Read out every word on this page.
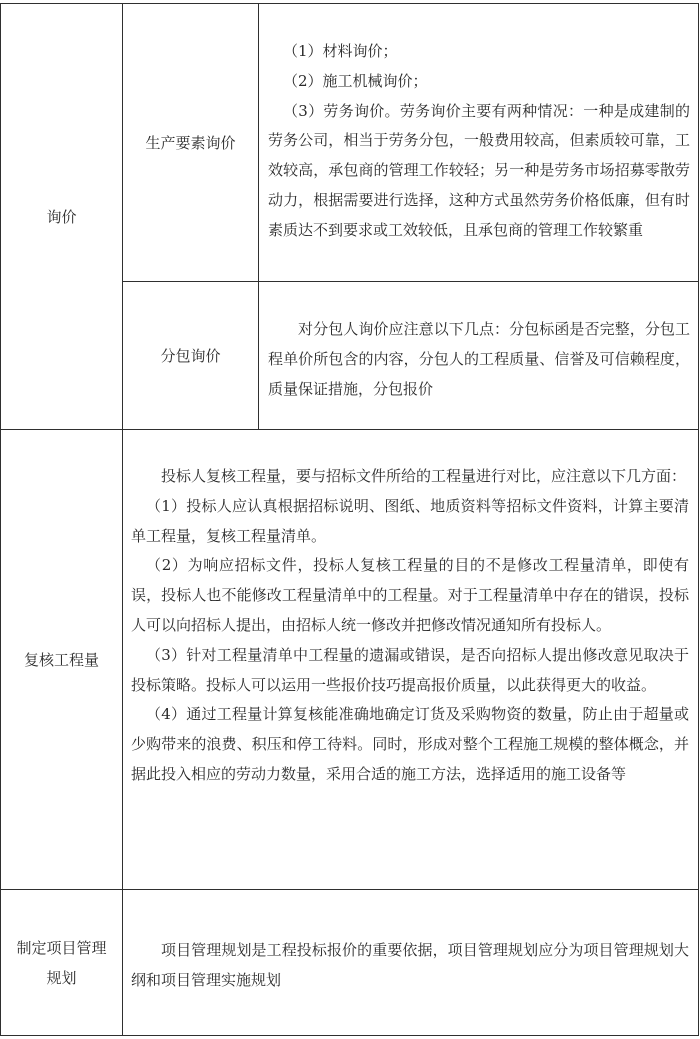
询价
生产要素询价

（1）材料询价；

（2）施工机械询价；

（3）劳务询价。劳务询价主要有两种情况：一种是成建制的劳务公司，相当于劳务分包，一般费用较高，但素质较可靠，工效较高，承包商的管理工作较轻；另一种是劳务市场招募零散劳动力，根据需要进行选择，这种方式虽然劳务价格低廉，但有时素质达不到要求或工效较低，且承包商的管理工作较繁重

分包询价

对分包人询价应注意以下几点：分包标函是否完整，分包工程单价所包含的内容，分包人的工程质量、信誉及可信赖程度，质量保证措施，分包报价

复核工程量

投标人复核工程量，要与招标文件所给的工程量进行对比，应注意以下几方面：

（1）投标人应认真根据招标说明、图纸、地质资料等招标文件资料，计算主要清单工程量，复核工程量清单。

（2）为响应招标文件，投标人复核工程量的目的不是修改工程量清单，即使有误，投标人也不能修改工程量清单中的工程量。对于工程量清单中存在的错误，投标人可以向招标人提出，由招标人统一修改并把修改情况通知所有投标人。

（3）针对工程量清单中工程量的遗漏或错误，是否向招标人提出修改意见取决于投标策略。投标人可以运用一些报价技巧提高报价质量，以此获得更大的收益。

（4）通过工程量计算复核能准确地确定订货及采购物资的数量，防止由于超量或少购带来的浪费、积压和停工待料。同时，形成对整个工程施工规模的整体概念，并据此投入相应的劳动力数量，采用合适的施工方法，选择适用的施工设备等

制定项目管理
规划

项目管理规划是工程投标报价的重要依据，项目管理规划应分为项目管理规划大纲和项目管理实施规划
